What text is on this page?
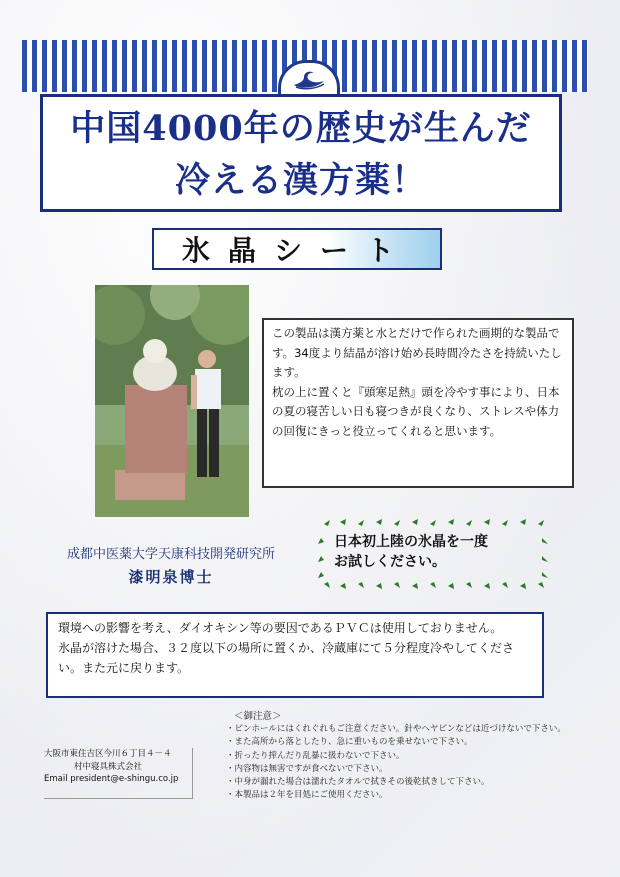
中国4000年の歴史が生んだ
冷える漢方薬！
氷晶シート

この製品は漢方薬と水とだけで作られた画期的な製品です。34度より結晶が溶け始め長時間冷たさを持続いたします。

枕の上に置くと『頭寒足熱』頭を冷やす事により、日本の夏の寝苦しい日も寝つきが良くなり、ストレスや体力の回復にきっと役立ってくれると思います。

成都中医薬大学天康科技開発研究所
漆明泉博士
日本初上陸の氷晶を一度
お試しください。

環境への影響を考え、ダイオキシン等の要因であるＰＶＣは使用しておりません。

氷晶が溶けた場合、３２度以下の場所に置くか、冷蔵庫にて５分程度冷やしてください。また元に戻ります。

＜御注意＞
・ピンホールにはくれぐれもご注意ください。針やヘヤピンなどは近づけないで下さい。
・また高所から落としたり、急に重いものを乗せないで下さい。
・折ったり搾んだり乱暴に扱わないで下さい。
・内容物は無害ですが食べないで下さい。
・中身が漏れた場合は濡れたタオルで拭きその後乾拭きして下さい。
・本製品は２年を目処にご使用ください。
大阪市東住吉区今川６丁目４－４
村中寝具株式会社
Email president@e-shingu.co.jp
